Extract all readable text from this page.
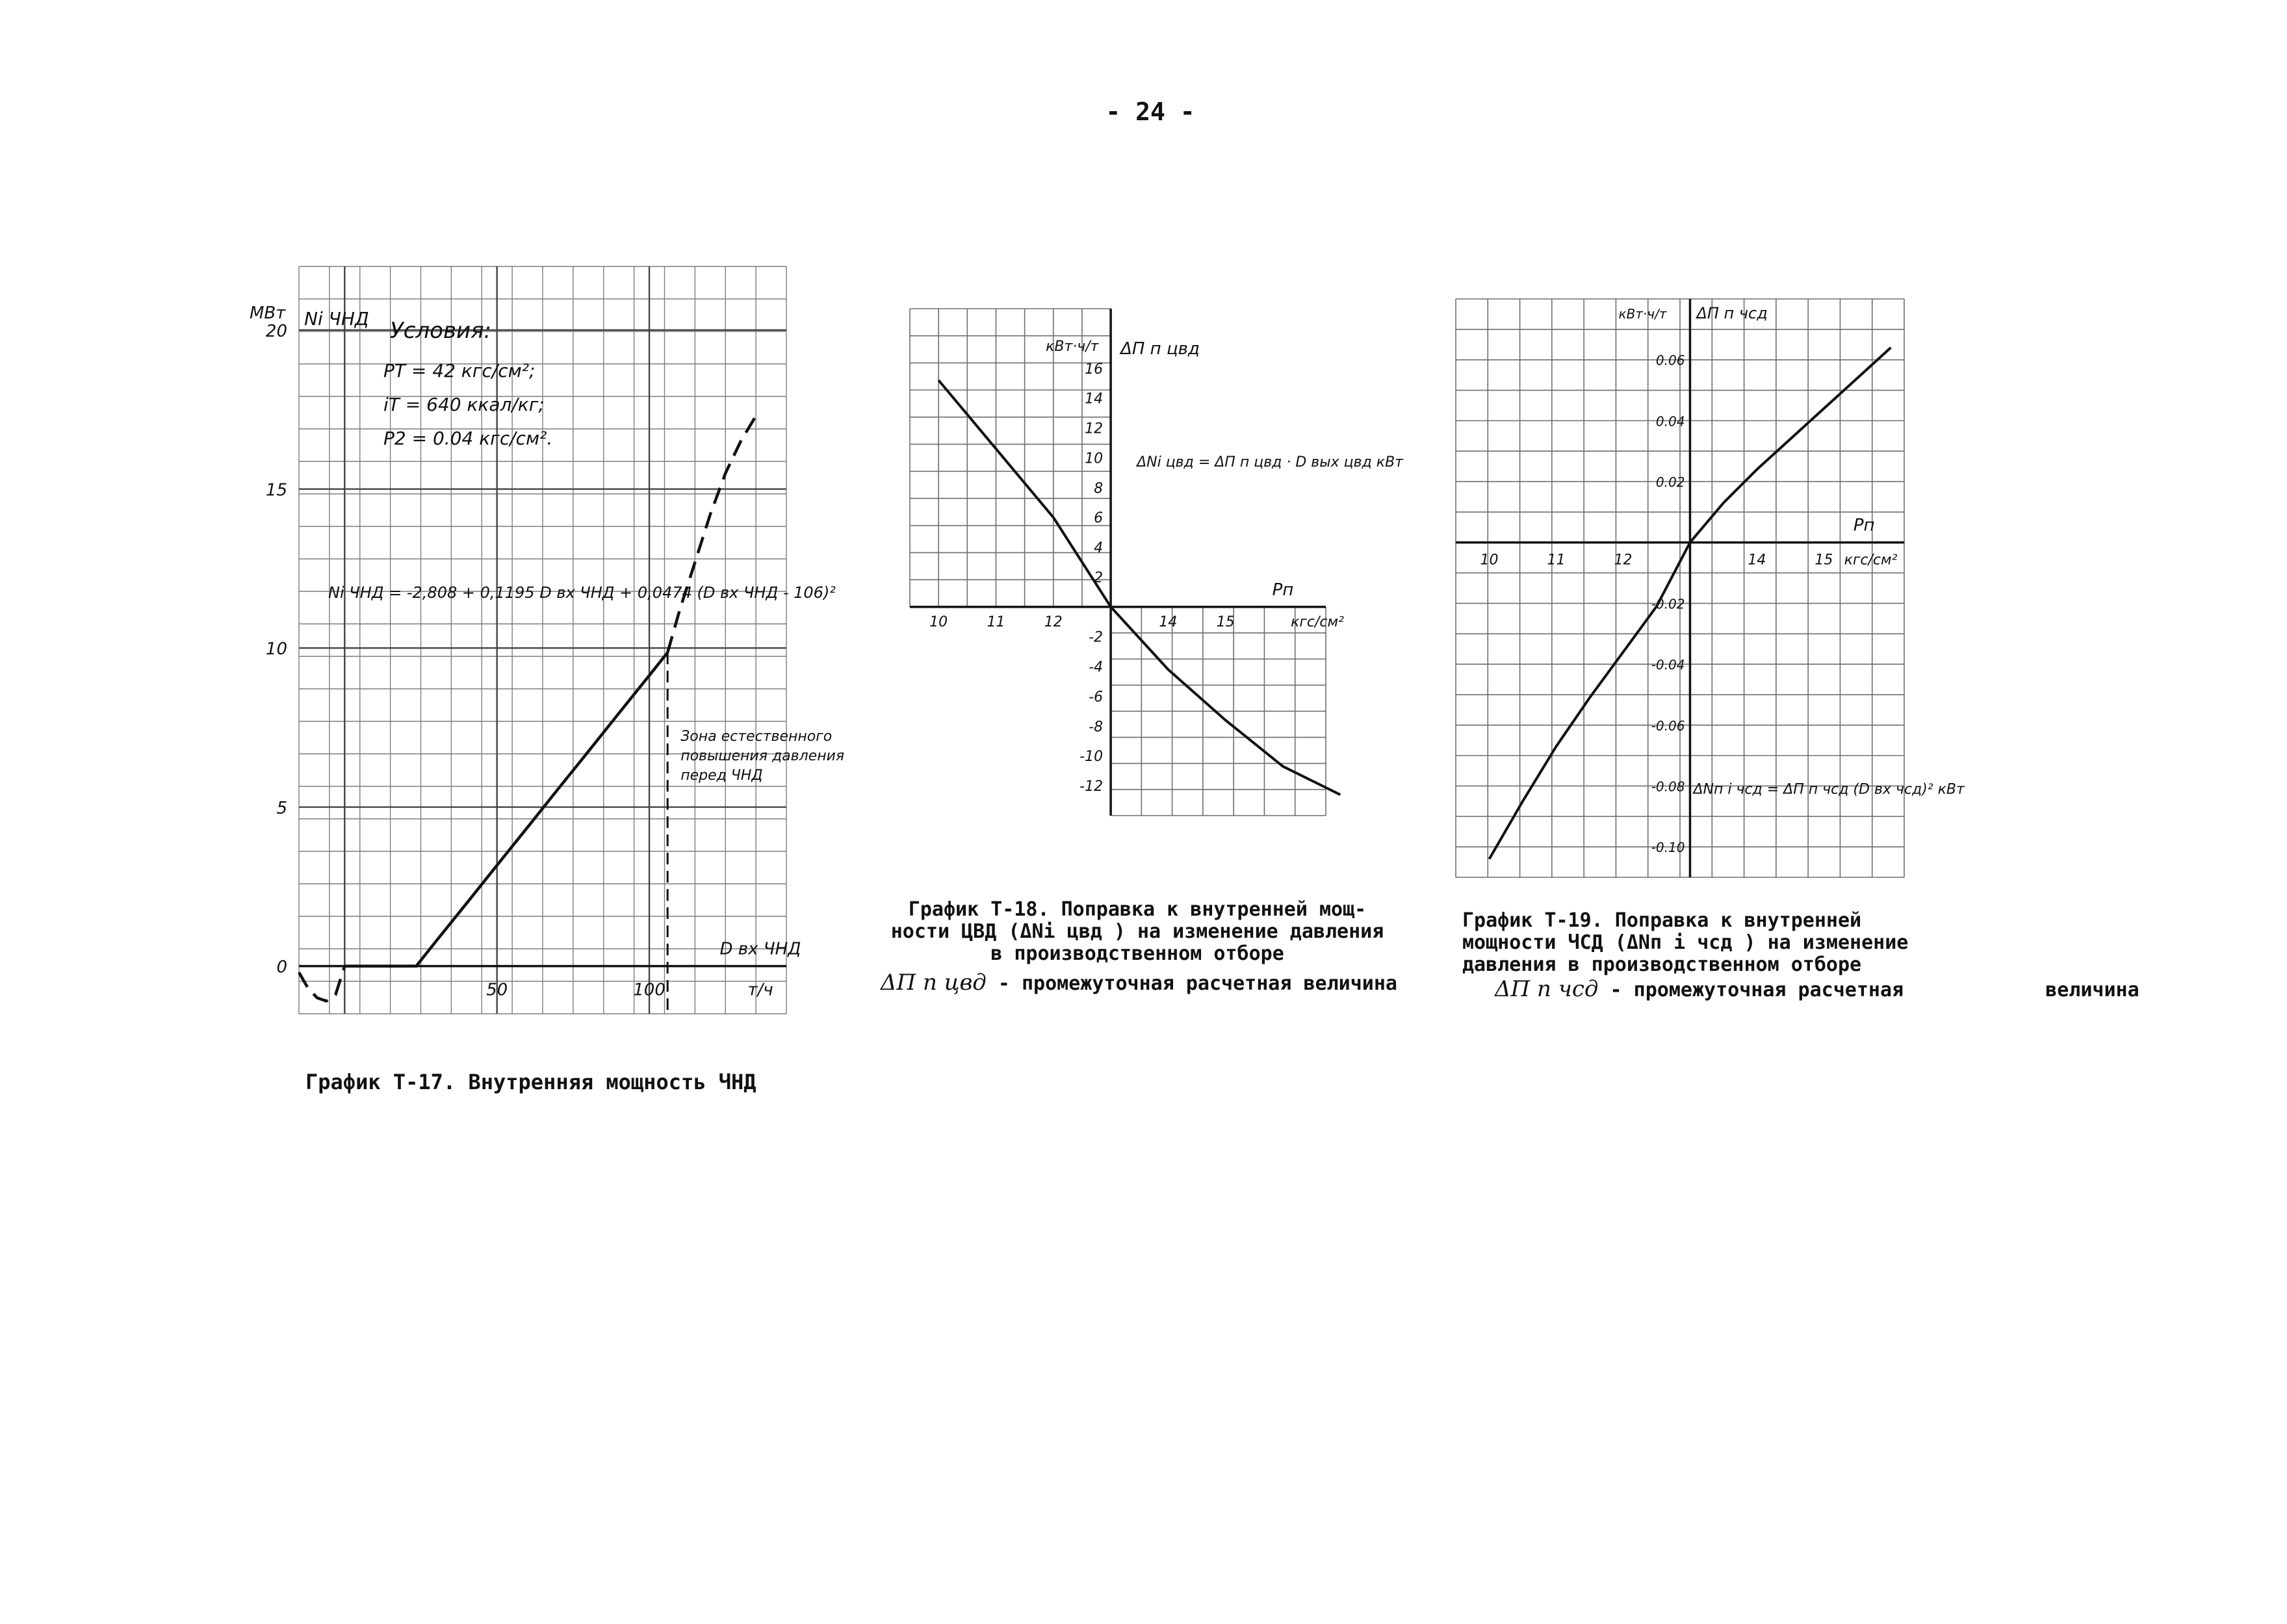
- 24 -
0
5
10
15
20
50	100
МВт Ni ЧНД
т/ч
D вх ЧНД
Условия:
PT = 42 кгс/см²;
iT = 640 ккал/кг;
P2 = 0.04 кгс/см².
Ni ЧНД = -2,808 + 0,1195 D вх ЧНД + 0,0474 (D вх ЧНД - 106)²
Зона естественного
повышения давления
перед ЧНД
16
14
12
10
8
6
4
2
-2
-4
-6
-8
-10
-12
10	11	12	14	15
кВт·ч/т ΔП п цвд
ΔNi цвд = ΔП п цвд · D вых цвд кВт
Pп
кгс/см²
0.06
0.04
0.02
-0.02
-0.04
-0.06
-0.08
-0.10
10	11	12	14	15
кВт·ч/т ΔП п чсд
Pп
кгс/см²
ΔNп i чсд = ΔП п чсд (D вх чсд)² кВт
График Т-17. Внутренняя мощность ЧНД
График Т-18. Поправка к внутренней мощ-
ности ЦВД (ΔNi цвд ) на изменение давления
в производственном отборе
ΔП п цвд - промежуточная расчетная величина
График Т-19. Поправка к внутренней
мощности ЧСД (ΔNп i чсд ) на изменение
давления в производственном отборе
ΔП п чсд - промежуточная расчетная	величина
